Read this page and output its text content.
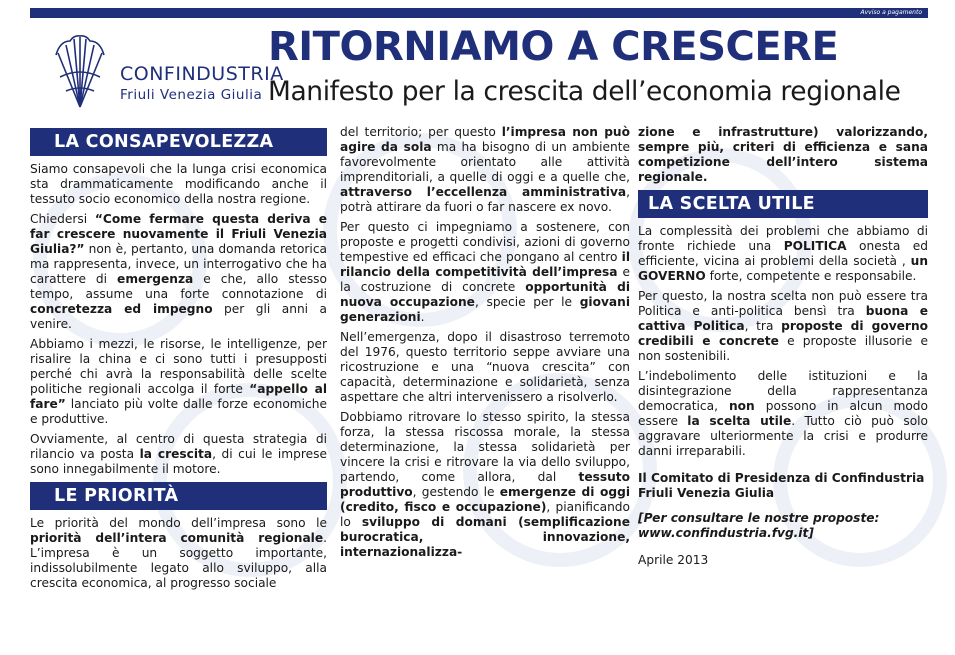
Avviso a pagamento
CONFINDUSTRIA
Friuli Venezia Giulia
RITORNIAMO A CRESCERE
Manifesto per la crescita dell’economia regionale
LA CONSAPEVOLEZZA

Siamo consapevoli che la lunga crisi economica sta drammaticamente modificando anche il tessuto socio economico della nostra regione.

Chiedersi “Come fermare questa deriva e far crescere nuovamente il Friuli Venezia Giulia?” non è, pertanto, una domanda retorica ma rappresenta, invece, un interrogativo che ha carattere di emergenza e che, allo stesso tempo, assume una forte connotazione di concretezza ed impegno per gli anni a venire.

Abbiamo i mezzi, le risorse, le intelligenze, per risalire la china e ci sono tutti i presupposti perché chi avrà la responsabilità delle scelte politiche regionali accolga il forte “appello al fare” lanciato più volte dalle forze economiche e produttive.

Ovviamente, al centro di questa strategia di rilancio va posta la crescita, di cui le imprese sono innegabilmente il motore.

LE PRIORITÀ

Le priorità del mondo dell’impresa sono le priorità dell’intera comunità regionale. L’impresa è un soggetto importante, indissolubilmente legato allo sviluppo, alla crescita economica, al progresso sociale

del territorio; per questo l’impresa non può agire da sola ma ha bisogno di un ambiente favorevolmente orientato alle attività imprenditoriali, a quelle di oggi e a quelle che, attraverso l’eccellenza amministrativa, potrà attirare da fuori o far nascere ex novo.

Per questo ci impegniamo a sostenere, con proposte e progetti condivisi, azioni di governo tempestive ed efficaci che pongano al centro il rilancio della competitività dell’impresa e la costruzione di concrete opportunità di nuova occupazione, specie per le giovani generazioni.

Nell’emergenza, dopo il disastroso terremoto del 1976, questo territorio seppe avviare una ricostruzione e una “nuova crescita” con capacità, determinazione e solidarietà, senza aspettare che altri intervenissero a risolverlo.

Dobbiamo ritrovare lo stesso spirito, la stessa forza, la stessa riscossa morale, la stessa determinazione, la stessa solidarietà per vincere la crisi e ritrovare la via dello sviluppo, partendo, come allora, dal tessuto produttivo, gestendo le emergenze di oggi (credito, fisco e occupazione), pianificando lo sviluppo di domani (semplificazione burocratica, innovazione, internazionalizza-

zione e infrastrutture) valorizzando, sempre più, criteri di efficienza e sana competizione dell’intero sistema regionale.

LA SCELTA UTILE

La complessità dei problemi che abbiamo di fronte richiede una POLITICA onesta ed efficiente, vicina ai problemi della società , un GOVERNO forte, competente e responsabile.

Per questo, la nostra scelta non può essere tra Politica e anti-politica bensì tra buona e cattiva Politica, tra proposte di governo credibili e concrete e proposte illusorie e non sostenibili.

L’indebolimento delle istituzioni e la disintegrazione della rappresentanza democratica, non possono in alcun modo essere la scelta utile. Tutto ciò può solo aggravare ulteriormente la crisi e produrre danni irreparabili.

Il Comitato di Presidenza di Confindustria Friuli Venezia Giulia
[Per consultare le nostre proposte: www.confindustria.fvg.it]
Aprile 2013
